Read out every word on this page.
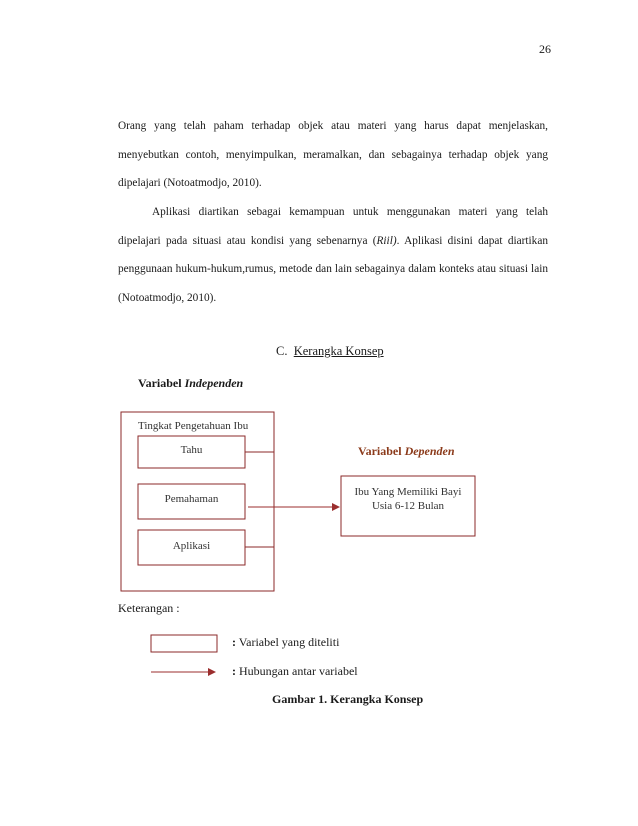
26

Orang yang telah paham terhadap objek atau materi yang harus dapat menjelaskan, menyebutkan contoh, menyimpulkan, meramalkan, dan sebagainya terhadap objek yang dipelajari (Notoatmodjo, 2010).

Aplikasi diartikan sebagai kemampuan untuk menggunakan materi yang telah dipelajari pada situasi atau kondisi yang sebenarnya (Riil). Aplikasi disini dapat diartikan penggunaan hukum-hukum,rumus, metode dan lain sebagainya dalam konteks atau situasi lain (Notoatmodjo, 2010).

C. Kerangka Konsep
Variabel Independen
Tingkat Pengetahuan Ibu
Tahu
Pemahaman
Aplikasi
Variabel Dependen
Ibu Yang Memiliki Bayi
Usia 6-12 Bulan
Keterangan :
: Variabel yang diteliti
: Hubungan antar variabel
Gambar 1. Kerangka Konsep
